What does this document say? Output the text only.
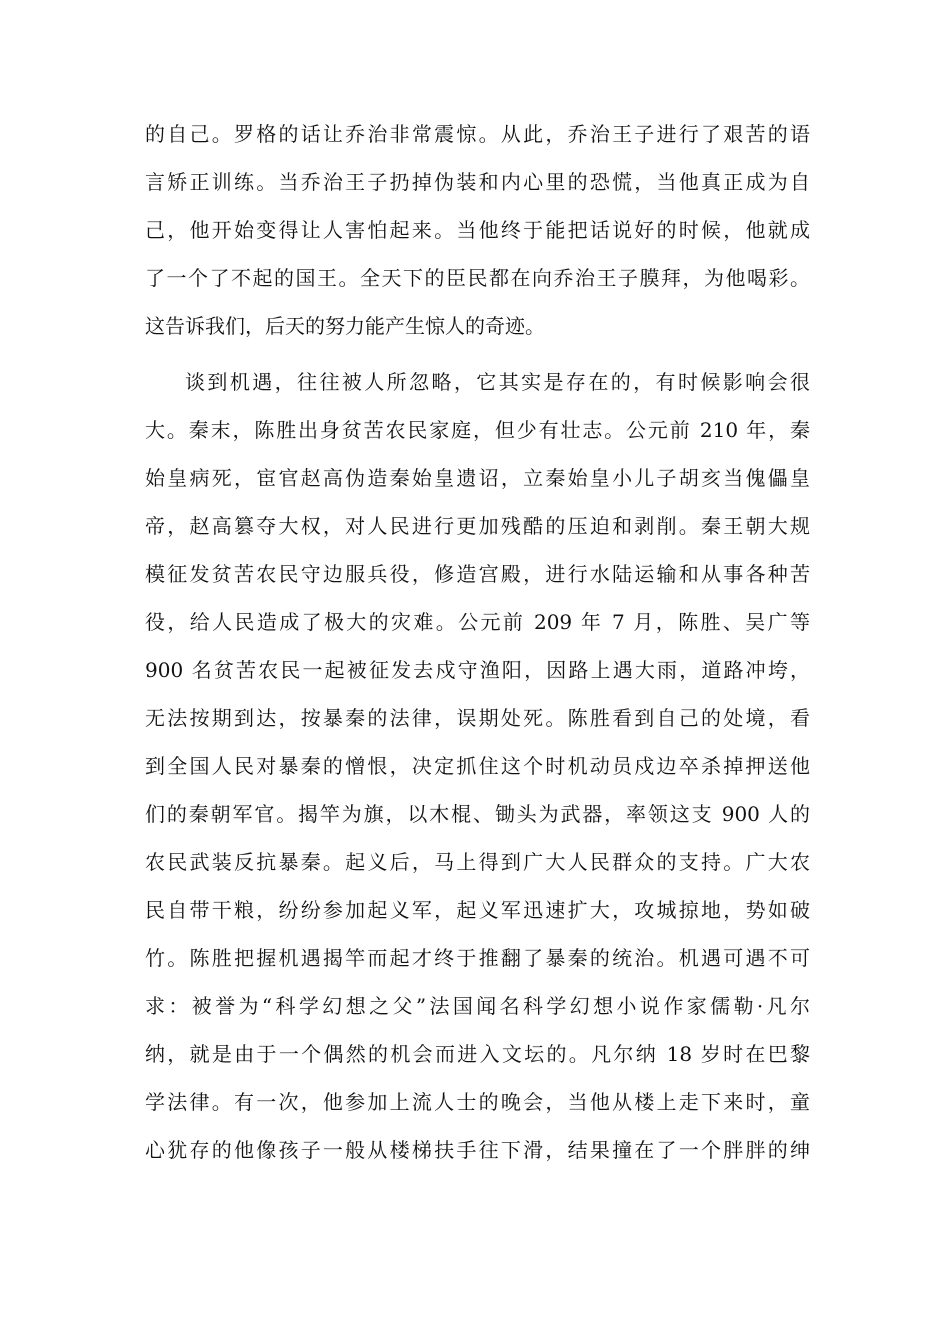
的自己。罗格的话让乔治非常震惊。从此，乔治王子进行了艰苦的语
言矫正训练。当乔治王子扔掉伪装和内心里的恐慌，当他真正成为自
己，他开始变得让人害怕起来。当他终于能把话说好的时候，他就成
了一个了不起的国王。全天下的臣民都在向乔治王子膜拜，为他喝彩。
这告诉我们，后天的努力能产生惊人的奇迹。
谈到机遇，往往被人所忽略，它其实是存在的，有时候影响会很
大。秦末，陈胜出身贫苦农民家庭，但少有壮志。公元前 210 年，秦
始皇病死，宦官赵高伪造秦始皇遗诏，立秦始皇小儿子胡亥当傀儡皇
帝，赵高篡夺大权，对人民进行更加残酷的压迫和剥削。秦王朝大规
模征发贫苦农民守边服兵役，修造宫殿，进行水陆运输和从事各种苦
役，给人民造成了极大的灾难。公元前 209 年 7 月，陈胜、吴广等
900 名贫苦农民一起被征发去戍守渔阳，因路上遇大雨，道路冲垮，
无法按期到达，按暴秦的法律，误期处死。陈胜看到自己的处境，看
到全国人民对暴秦的憎恨，决定抓住这个时机动员戍边卒杀掉押送他
们的秦朝军官。揭竿为旗，以木棍、锄头为武器，率领这支 900 人的
农民武装反抗暴秦。起义后，马上得到广大人民群众的支持。广大农
民自带干粮，纷纷参加起义军，起义军迅速扩大，攻城掠地，势如破
竹。陈胜把握机遇揭竿而起才终于推翻了暴秦的统治。机遇可遇不可
求：被誉为“科学幻想之父”法国闻名科学幻想小说作家儒勒·凡尔
纳，就是由于一个偶然的机会而进入文坛的。凡尔纳 18 岁时在巴黎
学法律。有一次，他参加上流人士的晚会，当他从楼上走下来时，童
心犹存的他像孩子一般从楼梯扶手往下滑，结果撞在了一个胖胖的绅
